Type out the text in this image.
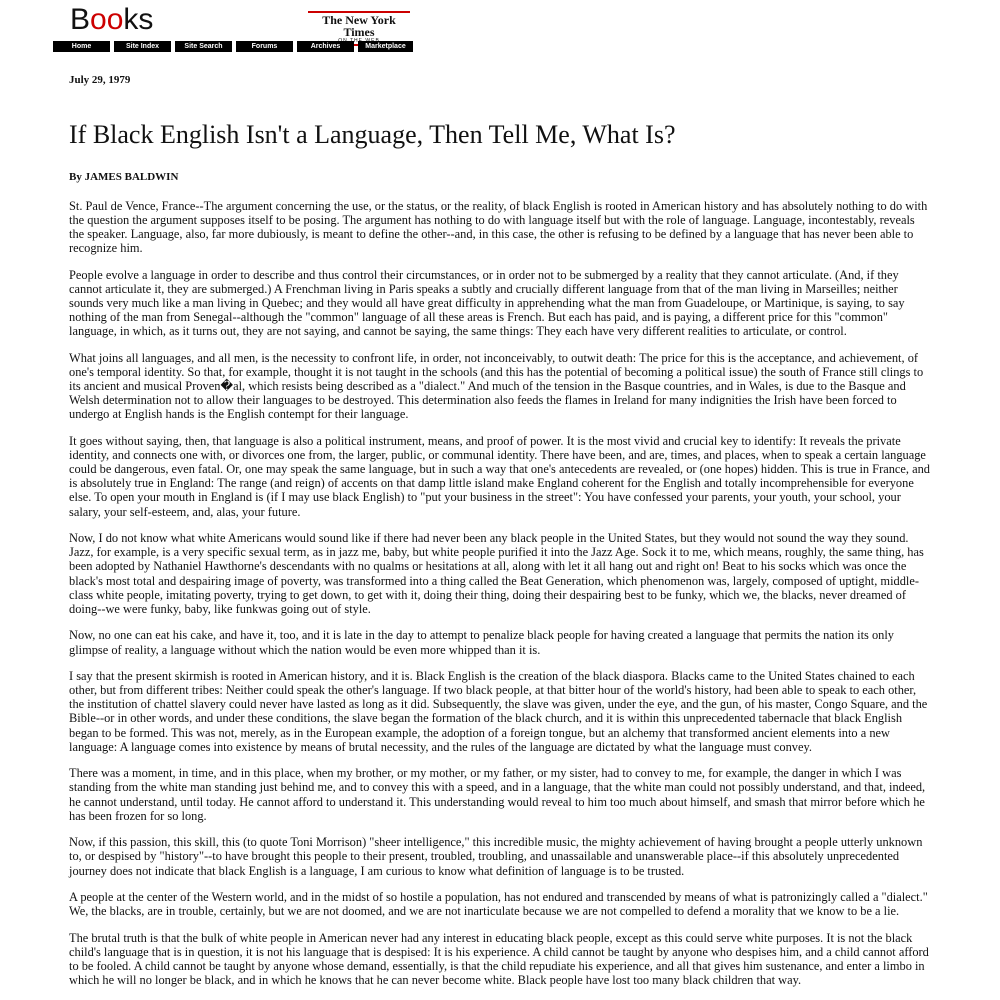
Books	The New York Times
THE
Home	Site Index	Site Search	Forums	Archives	Marketplace
July 29, 1979
If Black English Isn't a Language, Then Tell Me, What Is?
By JAMES BALDWIN

St. Paul de Vence, France--The argument concerning the use, or the status, or the reality, of black English is rooted in American history and has absolutely nothing to do with the question the argument supposes itself to be posing. The argument has nothing to do with language itself but with the role of language. Language, incontestably, reveals the speaker. Language, also, far more dubiously, is meant to define the other--and, in this case, the other is refusing to be defined by a language that has never been able to recognize him.

People evolve a language in order to describe and thus control their circumstances, or in order not to be submerged by a reality that they cannot articulate. (And, if they cannot articulate it, they are submerged.) A Frenchman living in Paris speaks a subtly and crucially different language from that of the man living in Marseilles; neither sounds very much like a man living in Quebec; and they would all have great difficulty in apprehending what the man from Guadeloupe, or Martinique, is saying, to say nothing of the man from Senegal--although the "common" language of all these areas is French. But each has paid, and is paying, a different price for this "common" language, in which, as it turns out, they are not saying, and cannot be saying, the same things: They each have very different realities to articulate, or control.

What joins all languages, and all men, is the necessity to confront life, in order, not inconceivably, to outwit death: The price for this is the acceptance, and achievement, of one's temporal identity. So that, for example, thought it is not taught in the schools (and this has the potential of becoming a political issue) the south of France still clings to its ancient and musical Proven�al, which resists being described as a "dialect." And much of the tension in the Basque countries, and in Wales, is due to the Basque and Welsh determination not to allow their languages to be destroyed. This determination also feeds the flames in Ireland for many indignities the Irish have been forced to undergo at English hands is the English contempt for their language.

It goes without saying, then, that language is also a political instrument, means, and proof of power. It is the most vivid and crucial key to identify: It reveals the private identity, and connects one with, or divorces one from, the larger, public, or communal identity. There have been, and are, times, and places, when to speak a certain language could be dangerous, even fatal. Or, one may speak the same language, but in such a way that one's antecedents are revealed, or (one hopes) hidden. This is true in France, and is absolutely true in England: The range (and reign) of accents on that damp little island make England coherent for the English and totally incomprehensible for everyone else. To open your mouth in England is (if I may use black English) to "put your business in the street": You have confessed your parents, your youth, your school, your salary, your self-esteem, and, alas, your future.

Now, I do not know what white Americans would sound like if there had never been any black people in the United States, but they would not sound the way they sound. Jazz, for example, is a very specific sexual term, as in jazz me, baby, but white people purified it into the Jazz Age. Sock it to me, which means, roughly, the same thing, has been adopted by Nathaniel Hawthorne's descendants with no qualms or hesitations at all, along with let it all hang out and right on! Beat to his socks which was once the black's most total and despairing image of poverty, was transformed into a thing called the Beat Generation, which phenomenon was, largely, composed of uptight, middle-class white people, imitating poverty, trying to get down, to get with it, doing their thing, doing their despairing best to be funky, which we, the blacks, never dreamed of doing--we were funky, baby, like funkwas going out of style.

Now, no one can eat his cake, and have it, too, and it is late in the day to attempt to penalize black people for having created a language that permits the nation its only glimpse of reality, a language without which the nation would be even more whipped than it is.

I say that the present skirmish is rooted in American history, and it is. Black English is the creation of the black diaspora. Blacks came to the United States chained to each other, but from different tribes: Neither could speak the other's language. If two black people, at that bitter hour of the world's history, had been able to speak to each other, the institution of chattel slavery could never have lasted as long as it did. Subsequently, the slave was given, under the eye, and the gun, of his master, Congo Square, and the Bible--or in other words, and under these conditions, the slave began the formation of the black church, and it is within this unprecedented tabernacle that black English began to be formed. This was not, merely, as in the European example, the adoption of a foreign tongue, but an alchemy that transformed ancient elements into a new language: A language comes into existence by means of brutal necessity, and the rules of the language are dictated by what the language must convey.

There was a moment, in time, and in this place, when my brother, or my mother, or my father, or my sister, had to convey to me, for example, the danger in which I was standing from the white man standing just behind me, and to convey this with a speed, and in a language, that the white man could not possibly understand, and that, indeed, he cannot understand, until today. He cannot afford to understand it. This understanding would reveal to him too much about himself, and smash that mirror before which he has been frozen for so long.

Now, if this passion, this skill, this (to quote Toni Morrison) "sheer intelligence," this incredible music, the mighty achievement of having brought a people utterly unknown to, or despised by "history"--to have brought this people to their present, troubled, troubling, and unassailable and unanswerable place--if this absolutely unprecedented journey does not indicate that black English is a language, I am curious to know what definition of language is to be trusted.

A people at the center of the Western world, and in the midst of so hostile a population, has not endured and transcended by means of what is patronizingly called a "dialect." We, the blacks, are in trouble, certainly, but we are not doomed, and we are not inarticulate because we are not compelled to defend a morality that we know to be a lie.

The brutal truth is that the bulk of white people in American never had any interest in educating black people, except as this could serve white purposes. It is not the black child's language that is in question, it is not his language that is despised: It is his experience. A child cannot be taught by anyone who despises him, and a child cannot afford to be fooled. A child cannot be taught by anyone whose demand, essentially, is that the child repudiate his experience, and all that gives him sustenance, and enter a limbo in which he will no longer be black, and in which he knows that he can never become white. Black people have lost too many black children that way.
